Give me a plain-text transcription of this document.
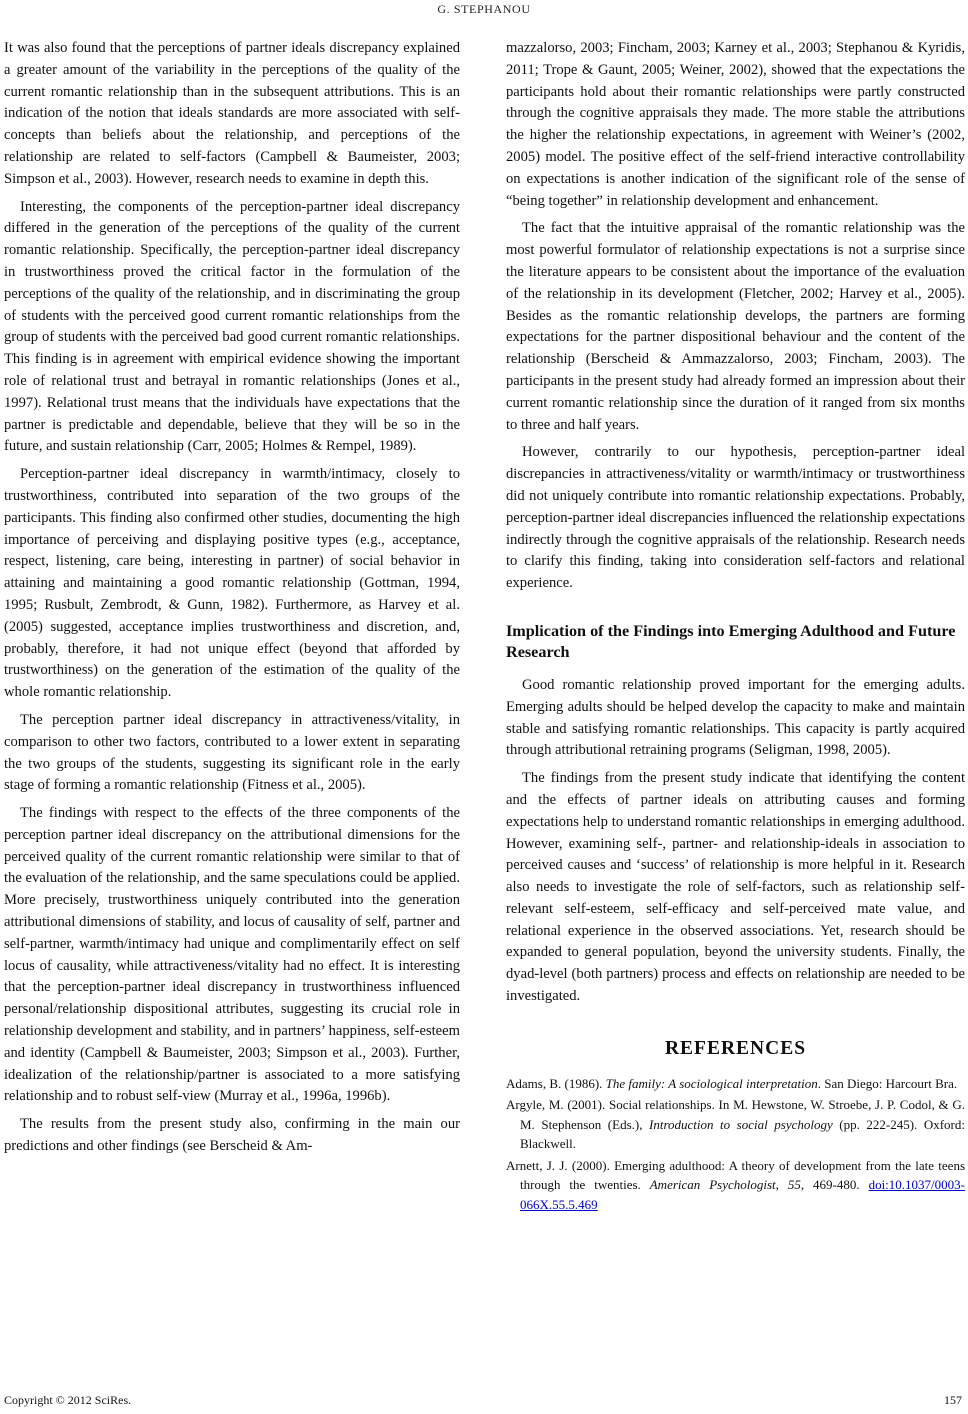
G. STEPHANOU

It was also found that the perceptions of partner ideals discrepancy explained a greater amount of the variability in the perceptions of the quality of the current romantic relationship than in the subsequent attributions. This is an indication of the notion that ideals standards are more associated with self-concepts than beliefs about the relationship, and perceptions of the relationship are related to self-factors (Campbell & Baumeister, 2003; Simpson et al., 2003). However, research needs to examine in depth this.

Interesting, the components of the perception-partner ideal discrepancy differed in the generation of the perceptions of the quality of the current romantic relationship. Specifically, the perception-partner ideal discrepancy in trustworthiness proved the critical factor in the formulation of the perceptions of the quality of the relationship, and in discriminating the group of students with the perceived good current romantic relationships from the group of students with the perceived bad good current romantic relationships. This finding is in agreement with empirical evidence showing the important role of relational trust and betrayal in romantic relationships (Jones et al., 1997). Relational trust means that the individuals have expectations that the partner is predictable and dependable, believe that they will be so in the future, and sustain relationship (Carr, 2005; Holmes & Rempel, 1989).

Perception-partner ideal discrepancy in warmth/intimacy, closely to trustworthiness, contributed into separation of the two groups of the participants. This finding also confirmed other studies, documenting the high importance of perceiving and displaying positive types (e.g., acceptance, respect, listening, care being, interesting in partner) of social behavior in attaining and maintaining a good romantic relationship (Gottman, 1994, 1995; Rusbult, Zembrodt, & Gunn, 1982). Furthermore, as Harvey et al. (2005) suggested, acceptance implies trustworthiness and discretion, and, probably, therefore, it had not unique effect (beyond that afforded by trustworthiness) on the generation of the estimation of the quality of the whole romantic relationship.

The perception partner ideal discrepancy in attractiveness/vitality, in comparison to other two factors, contributed to a lower extent in separating the two groups of the students, suggesting its significant role in the early stage of forming a romantic relationship (Fitness et al., 2005).

The findings with respect to the effects of the three components of the perception partner ideal discrepancy on the attributional dimensions for the perceived quality of the current romantic relationship were similar to that of the evaluation of the relationship, and the same speculations could be applied. More precisely, trustworthiness uniquely contributed into the generation attributional dimensions of stability, and locus of causality of self, partner and self-partner, warmth/intimacy had unique and complimentarily effect on self locus of causality, while attractiveness/vitality had no effect. It is interesting that the perception-partner ideal discrepancy in trustworthiness influenced personal/relationship dispositional attributes, suggesting its crucial role in relationship development and stability, and in partners’ happiness, self-esteem and identity (Campbell & Baumeister, 2003; Simpson et al., 2003). Further, idealization of the relationship/partner is associated to a more satisfying relationship and to robust self-view (Murray et al., 1996a, 1996b).

The results from the present study also, confirming in the main our predictions and other findings (see Berscheid & Am-

mazzalorso, 2003; Fincham, 2003; Karney et al., 2003; Stephanou & Kyridis, 2011; Trope & Gaunt, 2005; Weiner, 2002), showed that the expectations the participants hold about their romantic relationships were partly constructed through the cognitive appraisals they made. The more stable the attributions the higher the relationship expectations, in agreement with Weiner’s (2002, 2005) model. The positive effect of the self-friend interactive controllability on expectations is another indication of the significant role of the sense of “being together” in relationship development and enhancement.

The fact that the intuitive appraisal of the romantic relationship was the most powerful formulator of relationship expectations is not a surprise since the literature appears to be consistent about the importance of the evaluation of the relationship in its development (Fletcher, 2002; Harvey et al., 2005). Besides as the romantic relationship develops, the partners are forming expectations for the partner dispositional behaviour and the content of the relationship (Berscheid & Ammazzalorso, 2003; Fincham, 2003). The participants in the present study had already formed an impression about their current romantic relationship since the duration of it ranged from six months to three and half years.

However, contrarily to our hypothesis, perception-partner ideal discrepancies in attractiveness/vitality or warmth/intimacy or trustworthiness did not uniquely contribute into romantic relationship expectations. Probably, perception-partner ideal discrepancies influenced the relationship expectations indirectly through the cognitive appraisals of the relationship. Research needs to clarify this finding, taking into consideration self-factors and relational experience.

Implication of the Findings into Emerging Adulthood and Future Research

Good romantic relationship proved important for the emerging adults. Emerging adults should be helped develop the capacity to make and maintain stable and satisfying romantic relationships. This capacity is partly acquired through attributional retraining programs (Seligman, 1998, 2005).

The findings from the present study indicate that identifying the content and the effects of partner ideals on attributing causes and forming expectations help to understand romantic relationships in emerging adulthood. However, examining self-, partner- and relationship-ideals in association to perceived causes and ‘success’ of relationship is more helpful in it. Research also needs to investigate the role of self-factors, such as relationship self-relevant self-esteem, self-efficacy and self-perceived mate value, and relational experience in the observed associations. Yet, research should be expanded to general population, beyond the university students. Finally, the dyad-level (both partners) process and effects on relationship are needed to be investigated.

REFERENCES
Adams, B. (1986). The family: A sociological interpretation. San Diego: Harcourt Bra.
Argyle, M. (2001). Social relationships. In M. Hewstone, W. Stroebe, J. P. Codol, & G. M. Stephenson (Eds.), Introduction to social psychology (pp. 222-245). Oxford: Blackwell.
Arnett, J. J. (2000). Emerging adulthood: A theory of development from the late teens through the twenties. American Psychologist, 55, 469-480. doi:10.1037/0003-066X.55.5.469
Copyright © 2012 SciRes.	157
